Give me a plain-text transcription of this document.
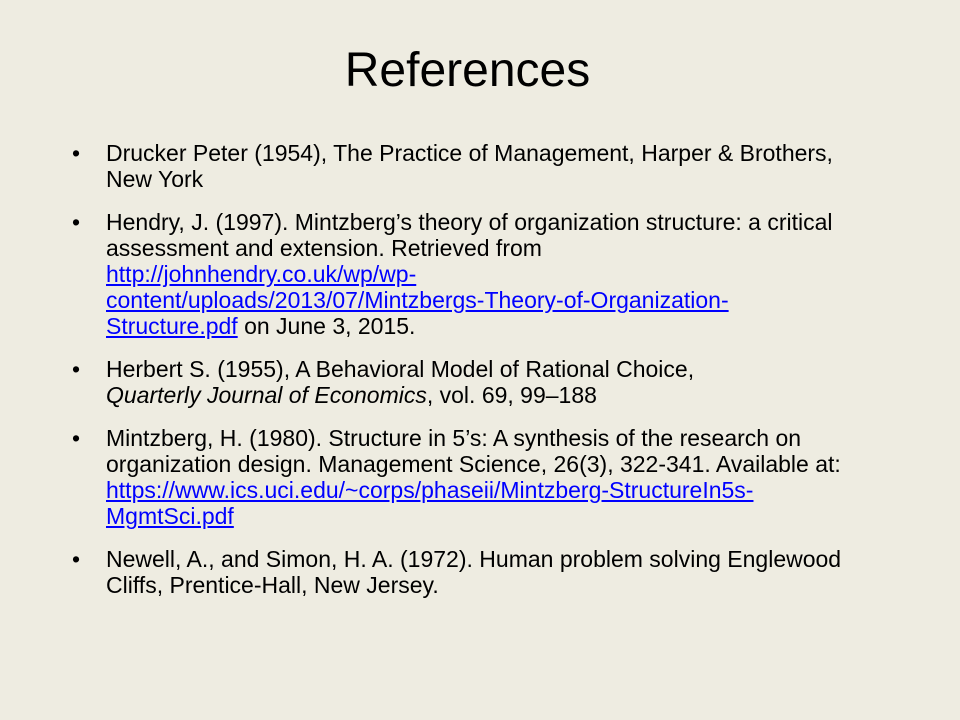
References
•	Drucker Peter (1954), The Practice of Management, Harper & Brothers, New York
•	Hendry, J. (1997). Mintzberg’s theory of organization structure: a critical assessment and extension. Retrieved from
http://johnhendry.co.uk/wp/wp-
content/uploads/2013/07/Mintzbergs-Theory-of-Organization-
Structure.pdf on June 3, 2015.
•	Herbert S. (1955), A Behavioral Model of Rational Choice,
Quarterly Journal of Economics, vol. 69, 99–188
•	Mintzberg, H. (1980). Structure in 5’s: A synthesis of the research on organization design. Management Science, 26(3), 322-341. Available at:
https://www.ics.uci.edu/~corps/phaseii/Mintzberg-StructureIn5s-
MgmtSci.pdf
•	Newell, A., and Simon, H. A. (1972). Human problem solving Englewood Cliffs, Prentice-Hall, New Jersey.
